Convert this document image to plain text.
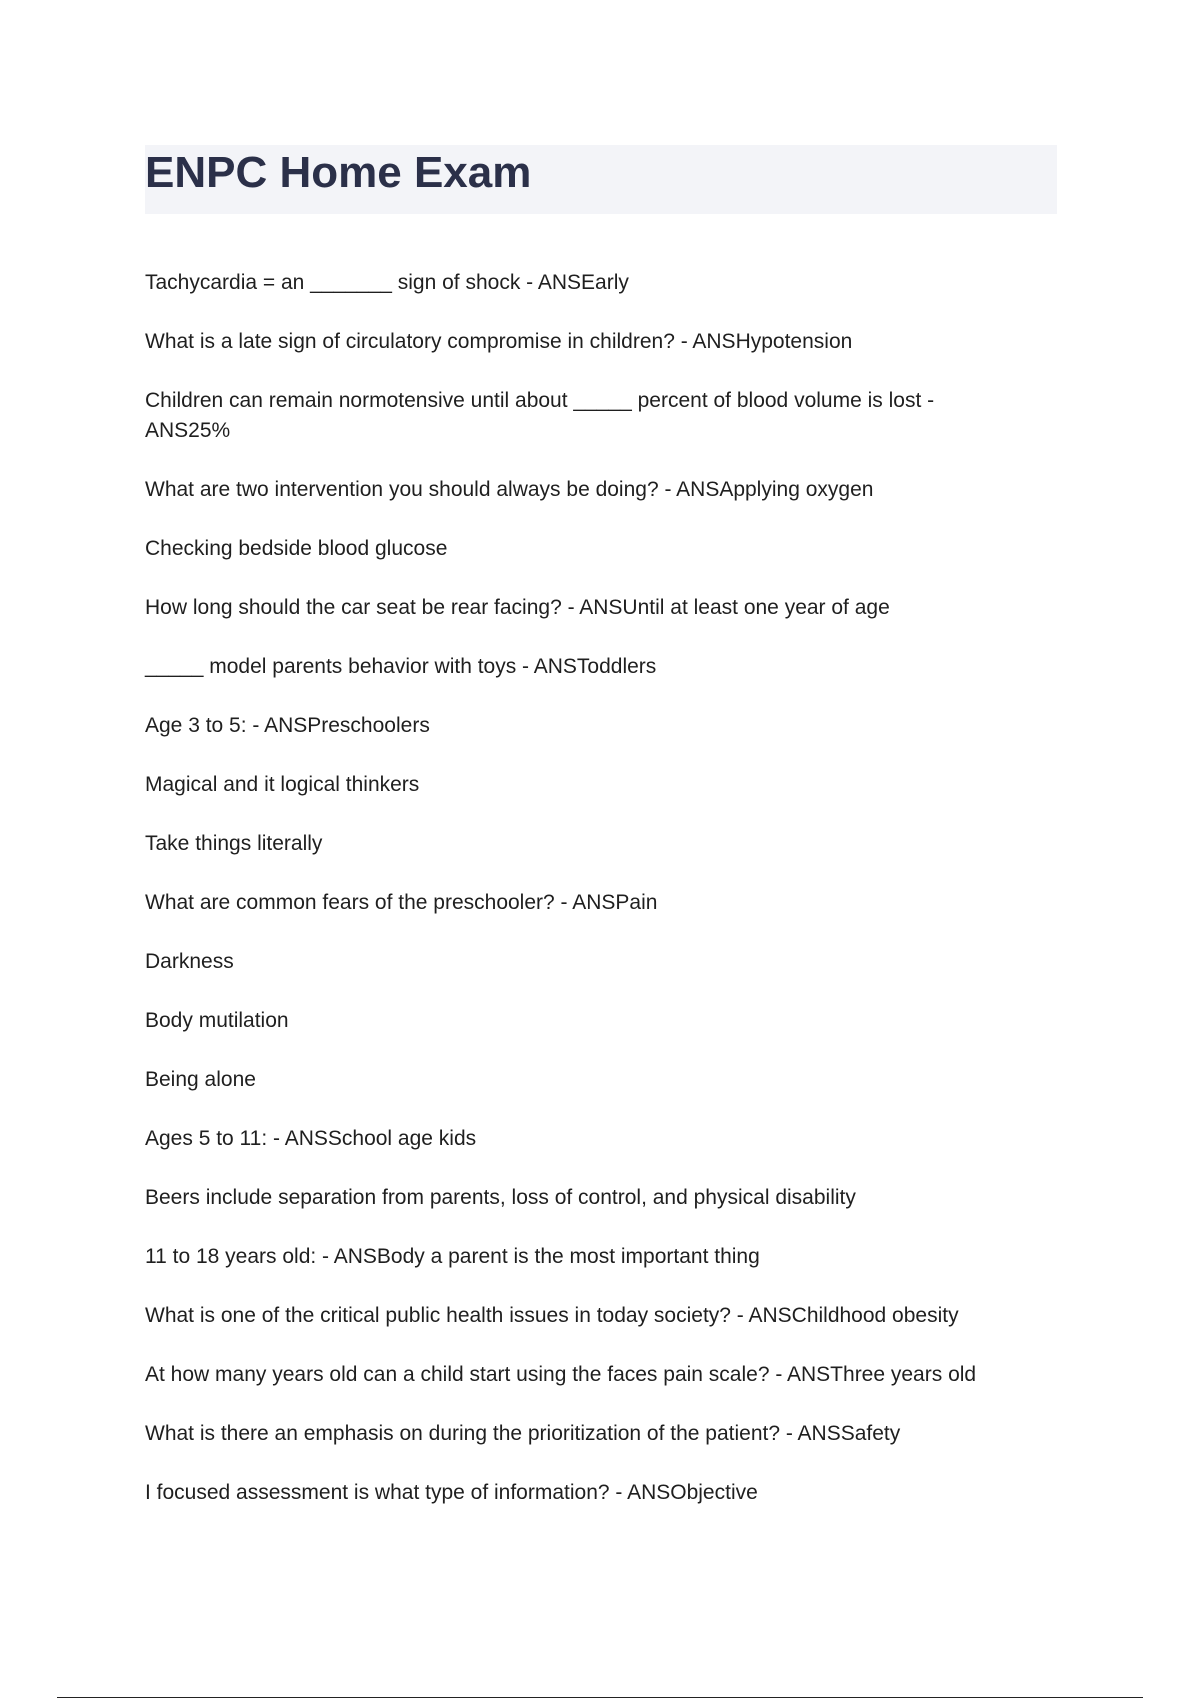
ENPC Home Exam

Tachycardia = an _______ sign of shock - ANSEarly

What is a late sign of circulatory compromise in children? - ANSHypotension

Children can remain normotensive until about _____ percent of blood volume is lost -
ANS25%

What are two intervention you should always be doing? - ANSApplying oxygen

Checking bedside blood glucose

How long should the car seat be rear facing? - ANSUntil at least one year of age

_____ model parents behavior with toys - ANSToddlers

Age 3 to 5: - ANSPreschoolers

Magical and it logical thinkers

Take things literally

What are common fears of the preschooler? - ANSPain

Darkness

Body mutilation

Being alone

Ages 5 to 11: - ANSSchool age kids

Beers include separation from parents, loss of control, and physical disability

11 to 18 years old: - ANSBody a parent is the most important thing

What is one of the critical public health issues in today society? - ANSChildhood obesity

At how many years old can a child start using the faces pain scale? - ANSThree years old

What is there an emphasis on during the prioritization of the patient? - ANSSafety

I focused assessment is what type of information? - ANSObjective
